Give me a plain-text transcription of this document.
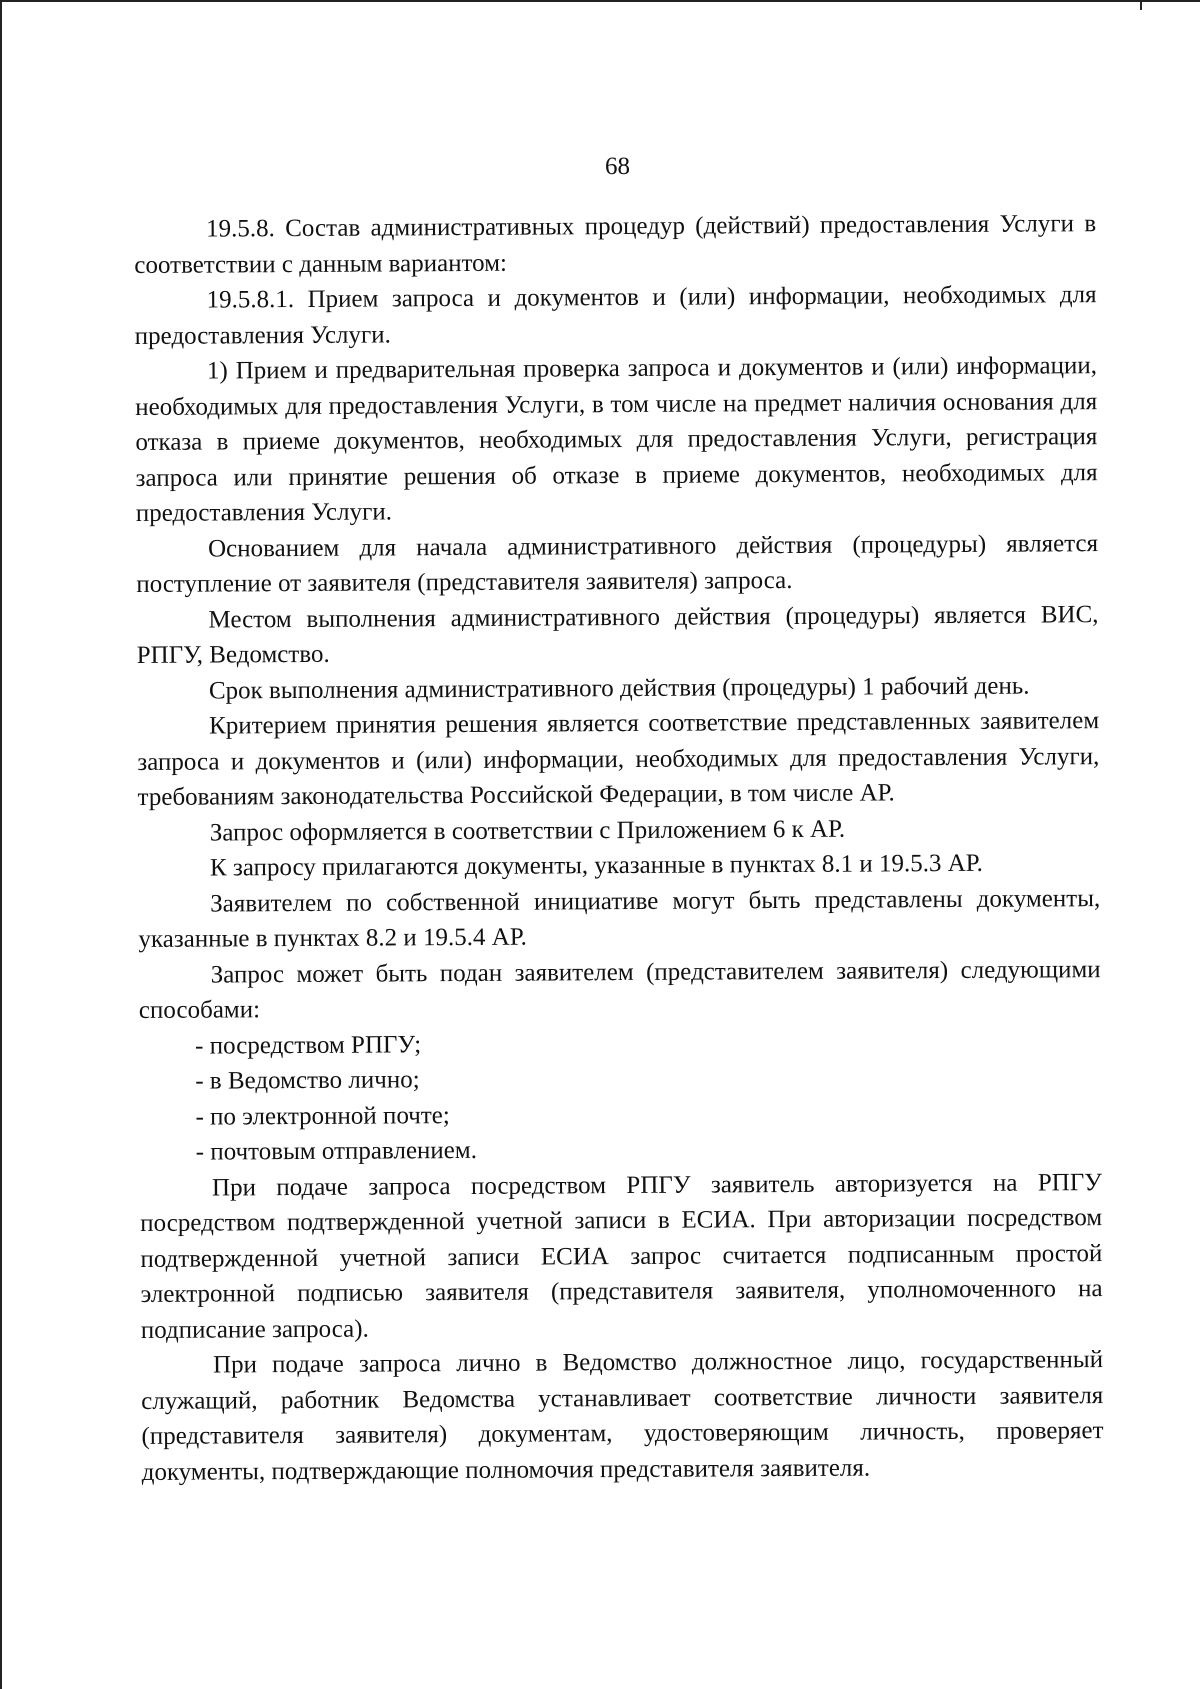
68

19.5.8. Состав административных процедур (действий) предоставления Услуги в соответствии с данным вариантом:

19.5.8.1. Прием запроса и документов и (или) информации, необходимых для предоставления Услуги.

1) Прием и предварительная проверка запроса и документов и (или) информации, необходимых для предоставления Услуги, в том числе на предмет наличия основания для отказа в приеме документов, необходимых для предоставления Услуги, регистрация запроса или принятие решения об отказе в приеме документов, необходимых для предоставления Услуги.

Основанием для начала административного действия (процедуры) является поступление от заявителя (представителя заявителя) запроса.

Местом выполнения административного действия (процедуры) является ВИС, РПГУ, Ведомство.

Срок выполнения административного действия (процедуры) 1 рабочий день.

Критерием принятия решения является соответствие представленных заявителем запроса и документов и (или) информации, необходимых для предоставления Услуги, требованиям законодательства Российской Федерации, в том числе АР.

Запрос оформляется в соответствии с Приложением 6 к АР.

К запросу прилагаются документы, указанные в пунктах 8.1 и 19.5.3 АР.

Заявителем по собственной инициативе могут быть представлены документы, указанные в пунктах 8.2 и 19.5.4 АР.

Запрос может быть подан заявителем (представителем заявителя) следующими способами:

- посредством РПГУ;

- в Ведомство лично;

- по электронной почте;

- почтовым отправлением.

При подаче запроса посредством РПГУ заявитель авторизуется на РПГУ посредством подтвержденной учетной записи в ЕСИА. При авторизации посредством подтвержденной учетной записи ЕСИА запрос считается подписанным простой электронной подписью заявителя (представителя заявителя, уполномоченного на подписание запроса).

При подаче запроса лично в Ведомство должностное лицо, государственный служащий, работник Ведомства устанавливает соответствие личности заявителя (представителя заявителя) документам, удостоверяющим личность, проверяет документы, подтверждающие полномочия представителя заявителя.
